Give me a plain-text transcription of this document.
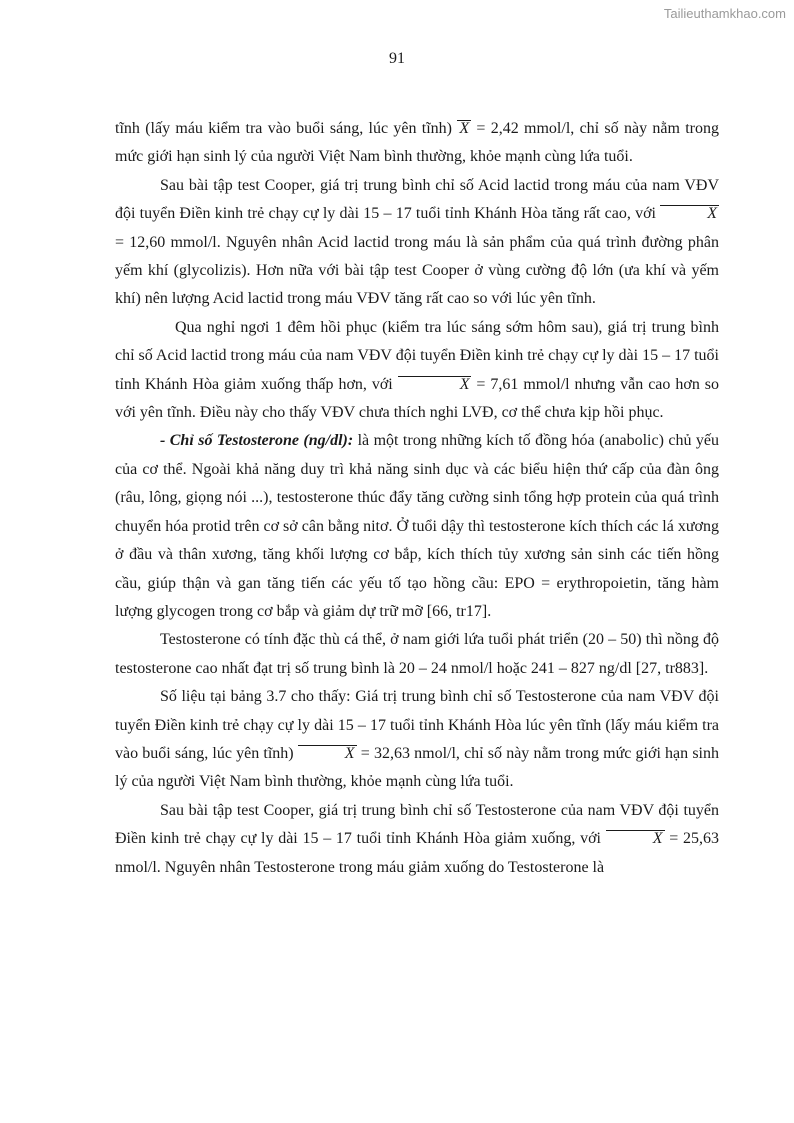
Tailieuthamkhao.com
91

tĩnh (lấy máu kiểm tra vào buổi sáng, lúc yên tĩnh) X = 2,42 mmol/l, chỉ số này nằm trong mức giới hạn sinh lý của người Việt Nam bình thường, khỏe mạnh cùng lứa tuổi.

Sau bài tập test Cooper, giá trị trung bình chỉ số Acid lactid trong máu của nam VĐV đội tuyển Điền kinh trẻ chạy cự ly dài 15 – 17 tuổi tỉnh Khánh Hòa tăng rất cao, với	X = 12,60 mmol/l. Nguyên nhân Acid lactid trong máu là sản phẩm của quá trình đường phân yếm khí (glycolizis). Hơn nữa với bài tập test Cooper ở vùng cường độ lớn (ưa khí và yếm khí) nên lượng Acid lactid trong máu VĐV tăng rất cao so với lúc yên tĩnh.

Qua nghỉ ngơi 1 đêm hồi phục (kiểm tra lúc sáng sớm hôm sau), giá trị trung bình chỉ số Acid lactid trong máu của nam VĐV đội tuyển Điền kinh trẻ chạy cự ly dài 15 – 17 tuổi tỉnh Khánh Hòa giảm xuống thấp hơn, với	X = 7,61 mmol/l nhưng vẫn cao hơn so với yên tĩnh. Điều này cho thấy VĐV chưa thích nghi LVĐ, cơ thể chưa kịp hồi phục.

- Chỉ số Testosterone (ng/dl): là một trong những kích tố đồng hóa (anabolic) chủ yếu của cơ thể. Ngoài khả năng duy trì khả năng sinh dục và các biểu hiện thứ cấp của đàn ông (râu, lông, giọng nói ...), testosterone thúc đẩy tăng cường sinh tổng hợp protein của quá trình chuyển hóa protid trên cơ sở cân bằng nitơ. Ở tuổi dậy thì testosterone kích thích các lá xương ở đầu và thân xương, tăng khối lượng cơ bắp, kích thích tủy xương sản sinh các tiến hồng cầu, giúp thận và gan tăng tiến các yếu tố tạo hồng cầu: EPO = erythropoietin, tăng hàm lượng glycogen trong cơ bắp và giảm dự trữ mỡ [66, tr17].

Testosterone có tính đặc thù cá thể, ở nam giới lứa tuổi phát triển (20 – 50) thì nồng độ testosterone cao nhất đạt trị số trung bình là 20 – 24 nmol/l hoặc 241 – 827 ng/dl [27, tr883].

Số liệu tại bảng 3.7 cho thấy: Giá trị trung bình chỉ số Testosterone của nam VĐV đội tuyển Điền kinh trẻ chạy cự ly dài 15 – 17 tuổi tỉnh Khánh Hòa lúc yên tĩnh (lấy máu kiểm tra vào buổi sáng, lúc yên tĩnh)	X = 32,63 nmol/l, chỉ số này nằm trong mức giới hạn sinh lý của người Việt Nam bình thường, khỏe mạnh cùng lứa tuổi.

Sau bài tập test Cooper, giá trị trung bình chỉ số Testosterone của nam VĐV đội tuyển Điền kinh trẻ chạy cự ly dài 15 – 17 tuổi tỉnh Khánh Hòa giảm xuống, với	X = 25,63 nmol/l. Nguyên nhân Testosterone trong máu giảm xuống do Testosterone là
